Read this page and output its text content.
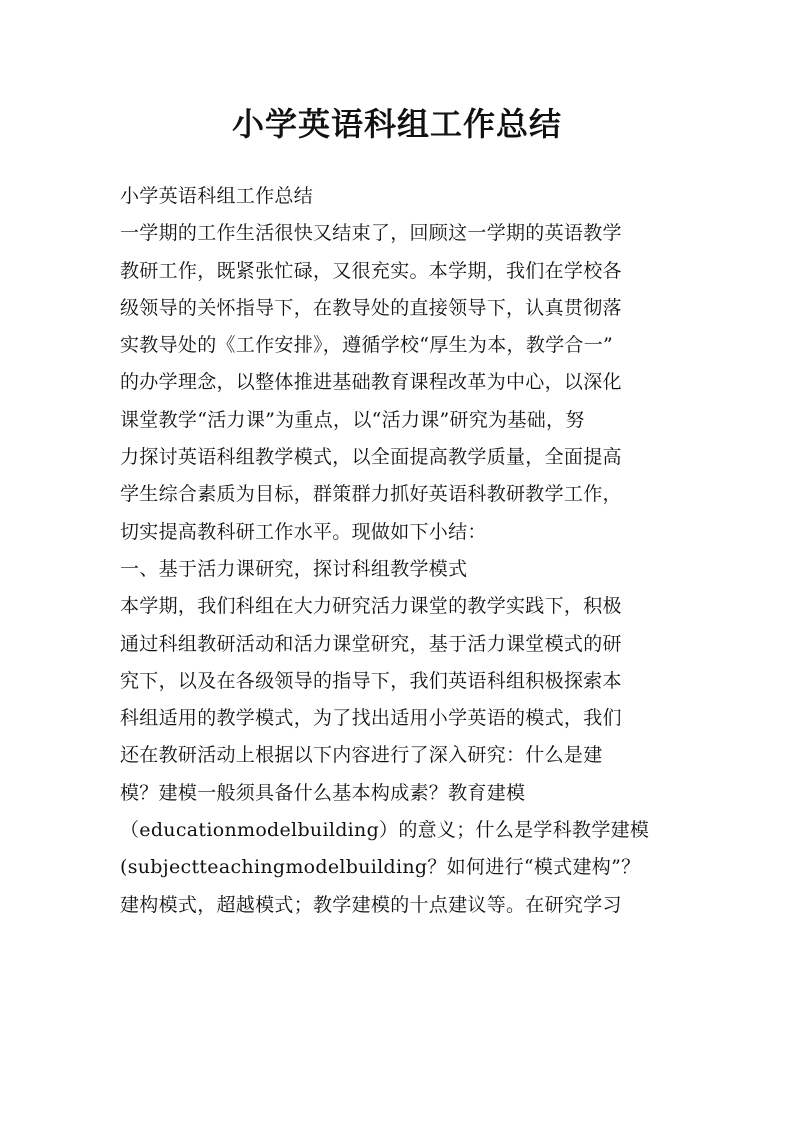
小学英语科组工作总结
小学英语科组工作总结
一学期的工作生活很快又结束了，回顾这一学期的英语教学
教研工作，既紧张忙碌，又很充实。本学期，我们在学校各
级领导的关怀指导下，在教导处的直接领导下，认真贯彻落
实教导处的《工作安排》，遵循学校“厚生为本，教学合一”
的办学理念，以整体推进基础教育课程改革为中心，以深化
课堂教学“活力课”为重点，以“活力课”研究为基础，努
力探讨英语科组教学模式，以全面提高教学质量，全面提高
学生综合素质为目标，群策群力抓好英语科教研教学工作，
切实提高教科研工作水平。现做如下小结：
一、基于活力课研究，探讨科组教学模式
本学期，我们科组在大力研究活力课堂的教学实践下，积极
通过科组教研活动和活力课堂研究，基于活力课堂模式的研
究下，以及在各级领导的指导下，我们英语科组积极探索本
科组适用的教学模式，为了找出适用小学英语的模式，我们
还在教研活动上根据以下内容进行了深入研究：什么是建
模？建模一般须具备什么基本构成素？教育建模
（educationmodelbuilding）的意义；什么是学科教学建模
(subjectteachingmodelbuilding？如何进行“模式建构”？
建构模式，超越模式；教学建模的十点建议等。在研究学习
